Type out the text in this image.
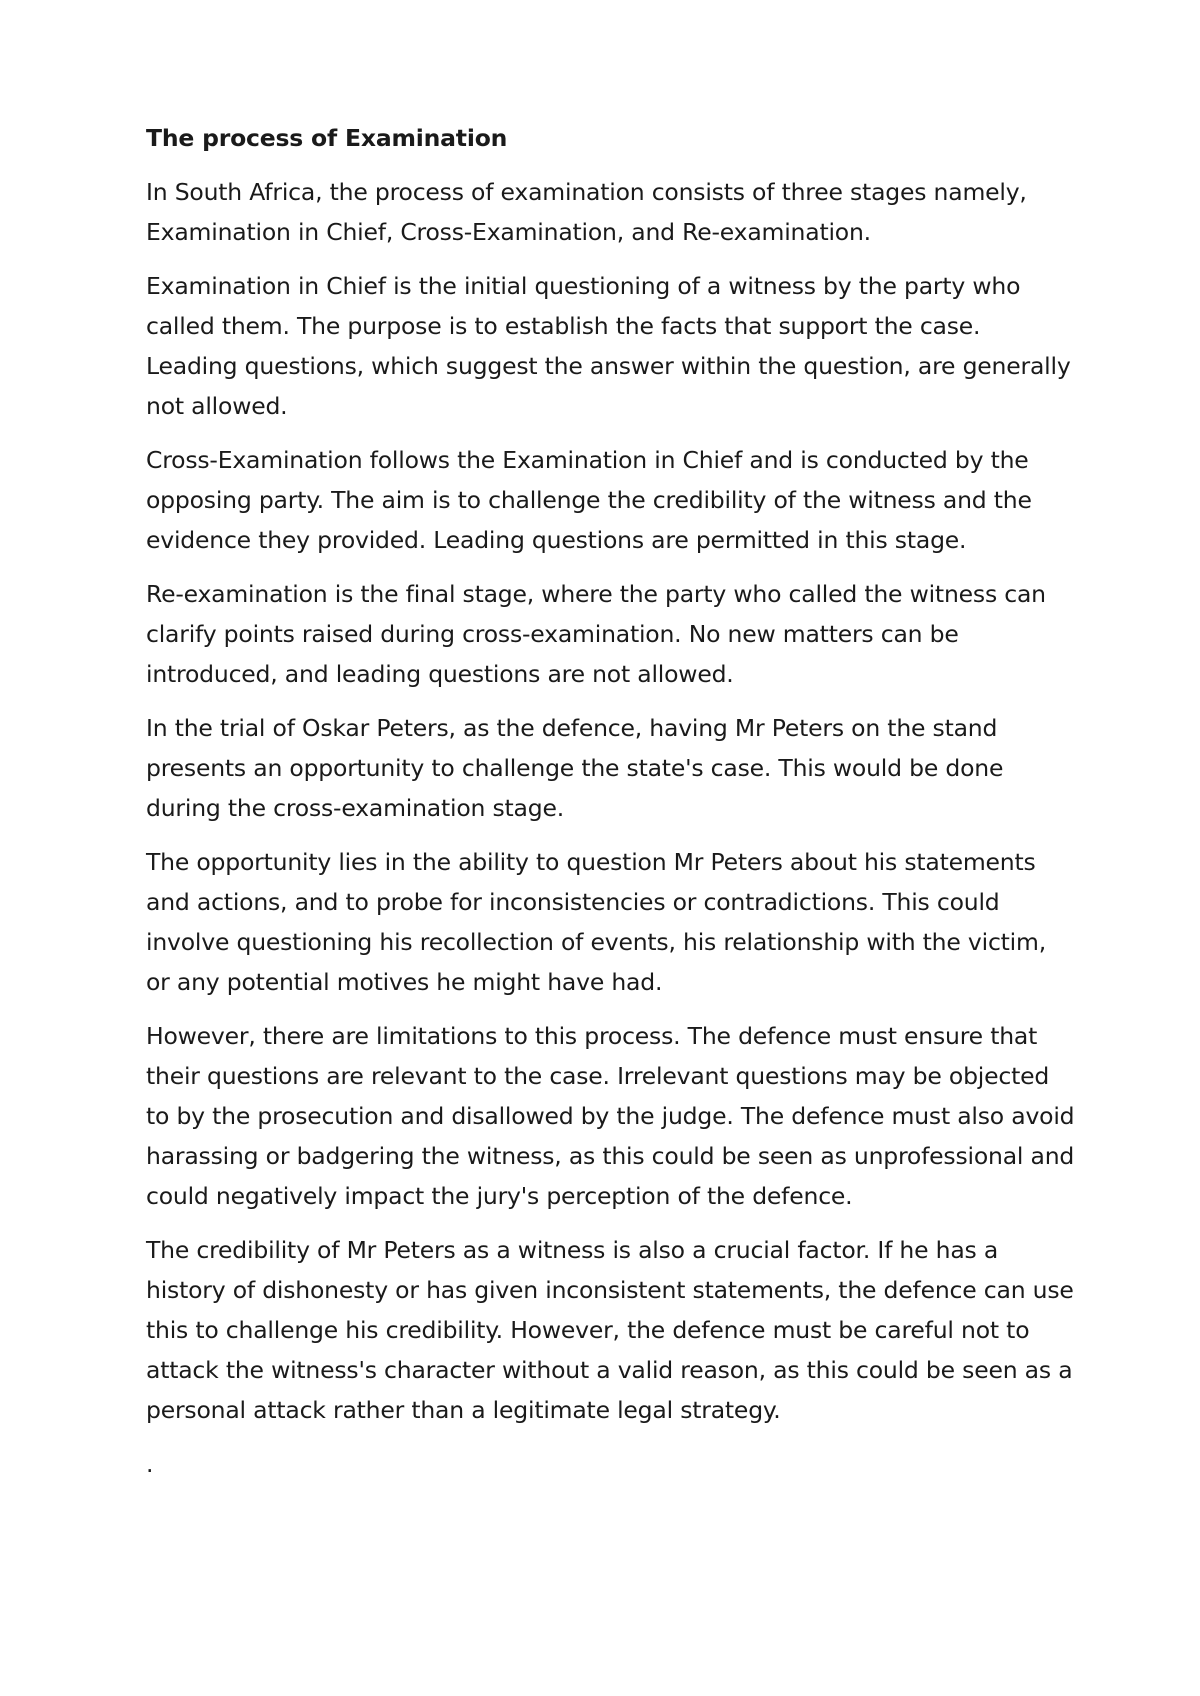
The process of Examination

In South Africa, the process of examination consists of three stages namely, Examination in Chief, Cross-Examination, and Re-examination.

Examination in Chief is the initial questioning of a witness by the party who called them. The purpose is to establish the facts that support the case. Leading questions, which suggest the answer within the question, are generally not allowed.

Cross-Examination follows the Examination in Chief and is conducted by the opposing party. The aim is to challenge the credibility of the witness and the evidence they provided. Leading questions are permitted in this stage.

Re-examination is the final stage, where the party who called the witness can clarify points raised during cross-examination. No new matters can be introduced, and leading questions are not allowed.

In the trial of Oskar Peters, as the defence, having Mr Peters on the stand presents an opportunity to challenge the state's case. This would be done during the cross-examination stage.

The opportunity lies in the ability to question Mr Peters about his statements and actions, and to probe for inconsistencies or contradictions. This could involve questioning his recollection of events, his relationship with the victim, or any potential motives he might have had.

However, there are limitations to this process. The defence must ensure that their questions are relevant to the case. Irrelevant questions may be objected to by the prosecution and disallowed by the judge. The defence must also avoid harassing or badgering the witness, as this could be seen as unprofessional and could negatively impact the jury's perception of the defence.

The credibility of Mr Peters as a witness is also a crucial factor. If he has a history of dishonesty or has given inconsistent statements, the defence can use this to challenge his credibility. However, the defence must be careful not to attack the witness's character without a valid reason, as this could be seen as a personal attack rather than a legitimate legal strategy.

.
